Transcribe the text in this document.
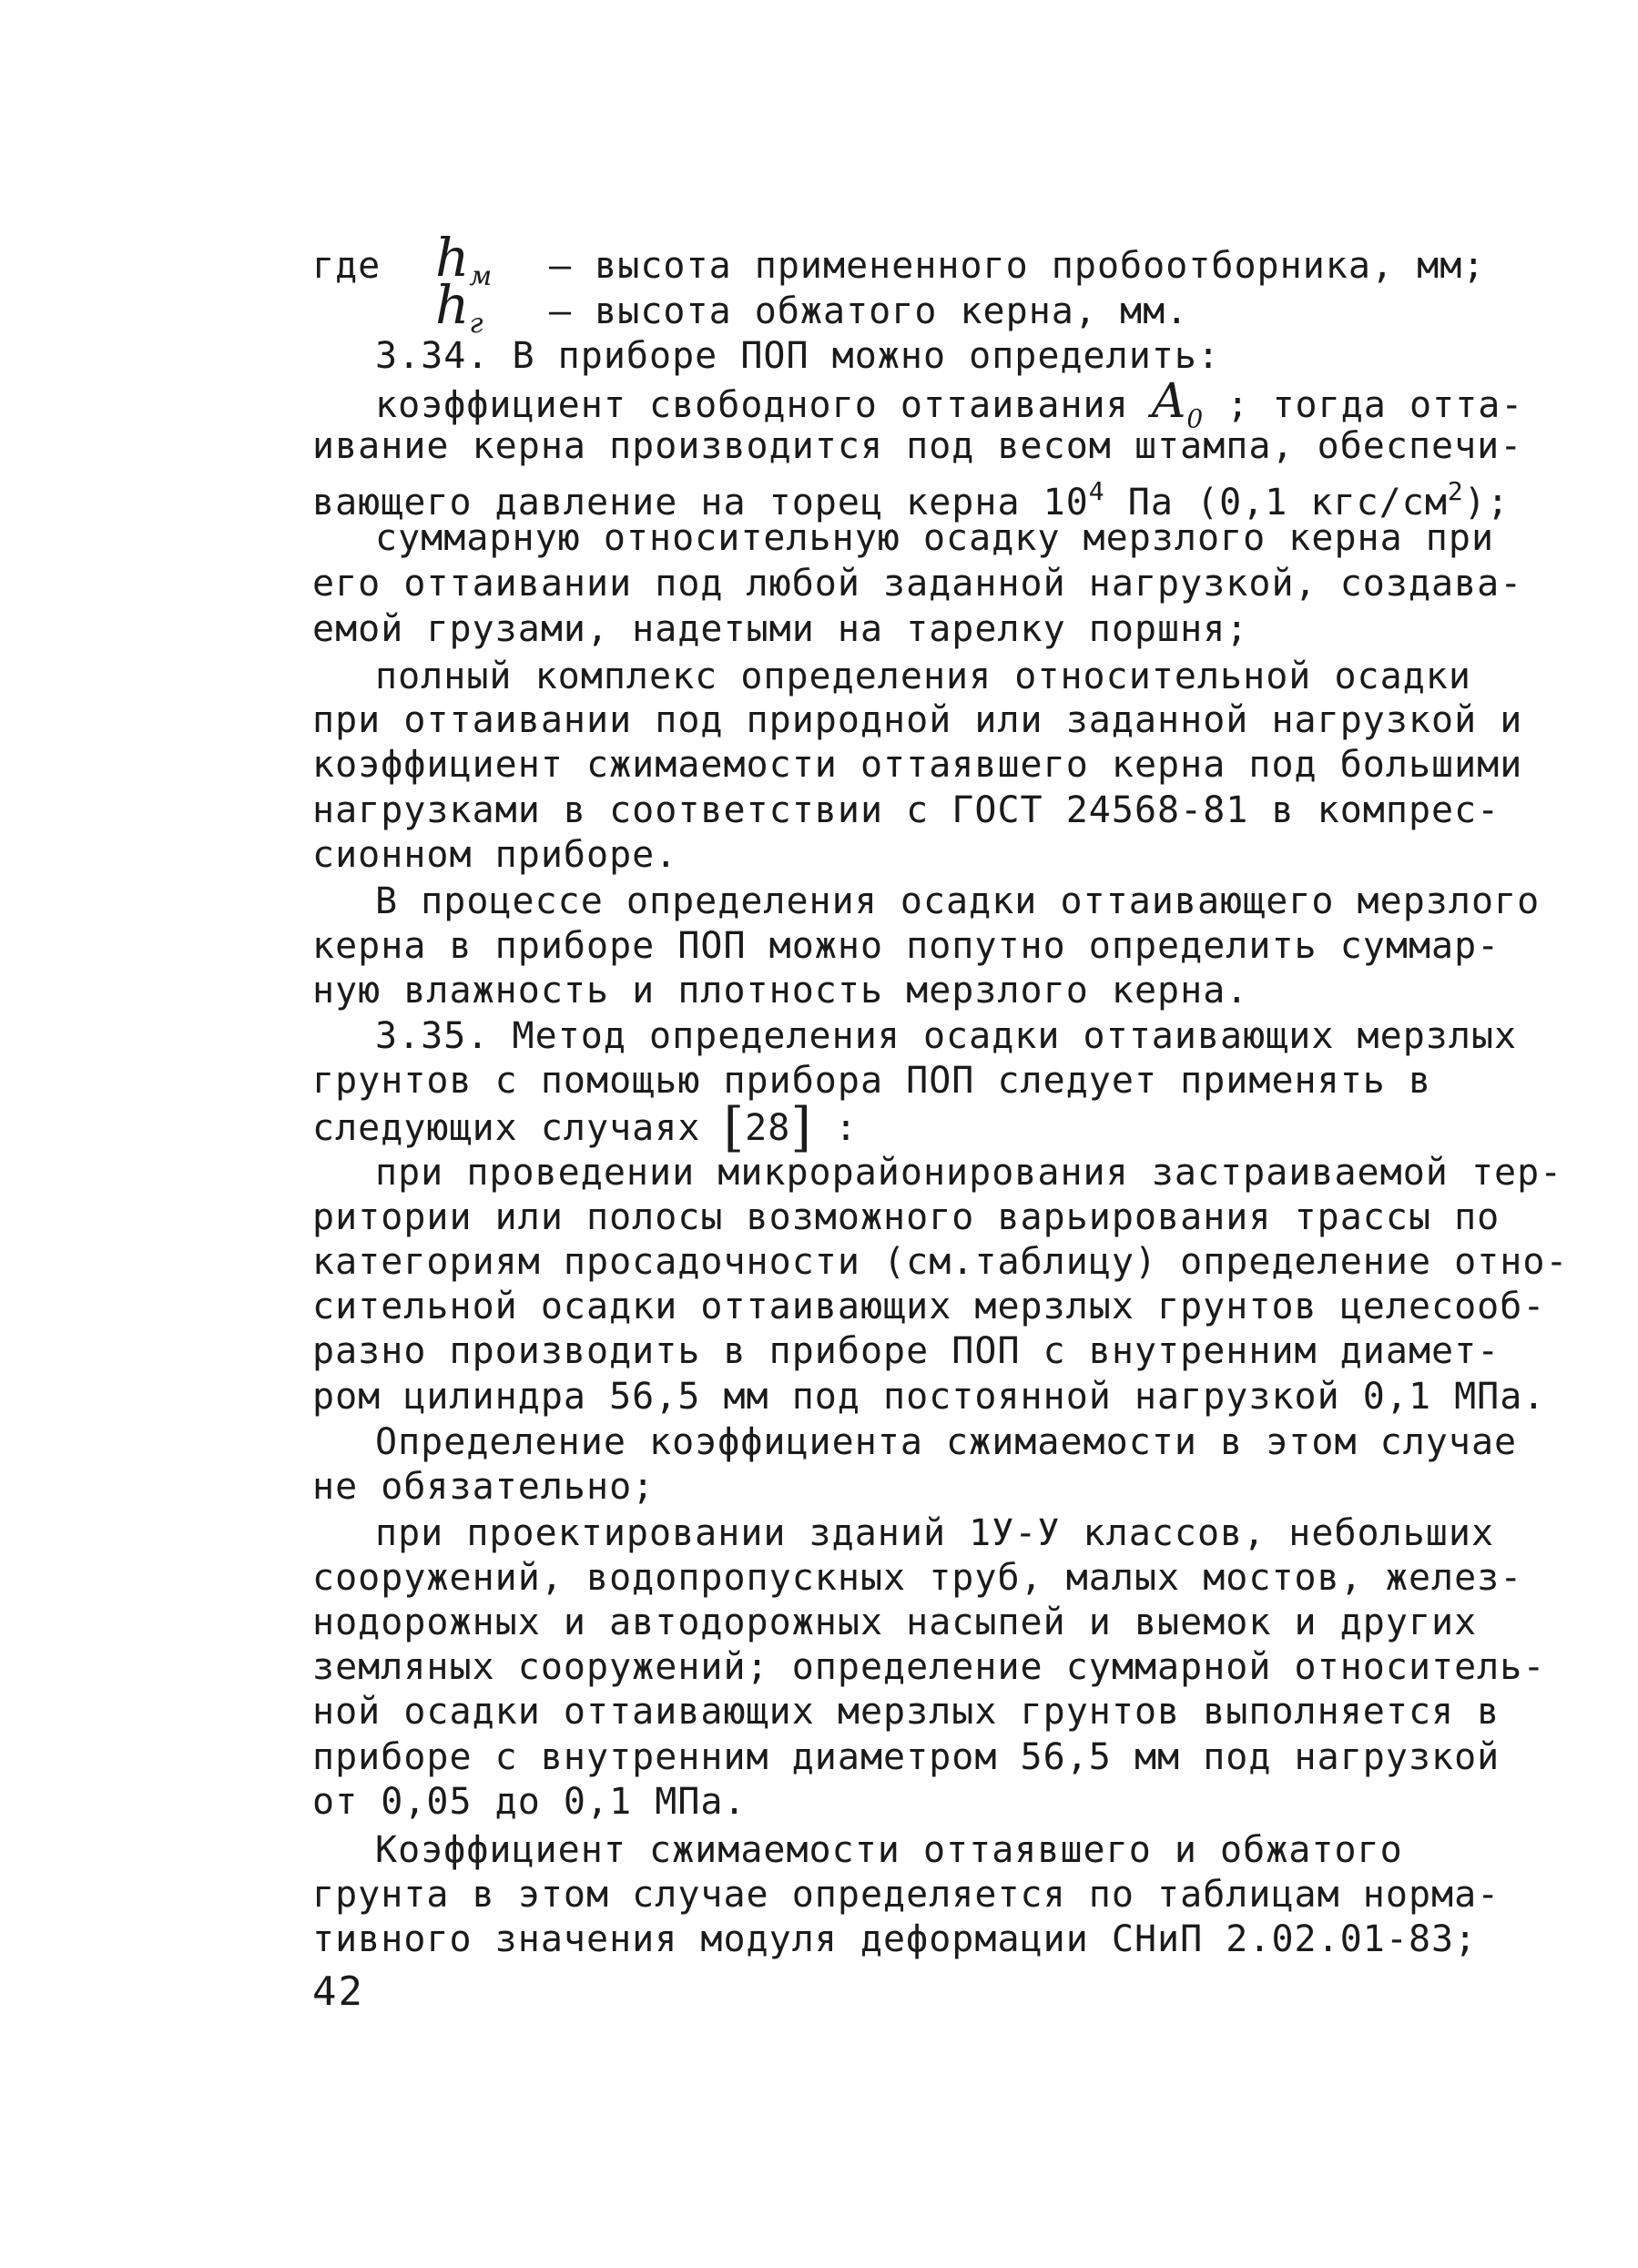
где $h_м$ – высота примененного пробоотборника, мм;
$h_г$ – высота обжатого керна, мм.
3.34. В приборе ПОП можно определить:
коэффициент свободного оттаивания $A_0$ ; тогда отта-
ивание керна производится под весом штампа, обеспечи-
вающего давление на торец керна $10^4$ Па (0,1 кгс/$см^2$);
суммарную относительную осадку мерзлого керна при
его оттаивании под любой заданной нагрузкой, создава-
емой грузами, надетыми на тарелку поршня;
полный комплекс определения относительной осадки
при оттаивании под природной или заданной нагрузкой и
коэффициент сжимаемости оттаявшего керна под большими
нагрузками в соответствии с ГОСТ 24568-81 в компрес-
сионном приборе.
В процессе определения осадки оттаивающего мерзлого
керна в приборе ПОП можно попутно определить суммар-
ную влажность и плотность мерзлого керна.
3.35. Метод определения осадки оттаивающих мерзлых
грунтов с помощью прибора ПОП следует применять в
следующих случаях [28] :
при проведении микрорайонирования застраиваемой тер-
ритории или полосы возможного варьирования трассы по
категориям просадочности (см.таблицу) определение отно-
сительной осадки оттаивающих мерзлых грунтов целесооб-
разно производить в приборе ПОП с внутренним диамет-
ром цилиндра 56,5 мм под постоянной нагрузкой 0,1 МПа.
Определение коэффициента сжимаемости в этом случае
не обязательно;
при проектировании зданий 1У-У классов, небольших
сооружений, водопропускных труб, малых мостов, желез-
нодорожных и автодорожных насыпей и выемок и других
земляных сооружений; определение суммарной относитель-
ной осадки оттаивающих мерзлых грунтов выполняется в
приборе с внутренним диаметром 56,5 мм под нагрузкой
от 0,05 до 0,1 МПа.
Коэффициент сжимаемости оттаявшего и обжатого
грунта в этом случае определяется по таблицам норма-
тивного значения модуля деформации СНиП 2.02.01-83;
42
